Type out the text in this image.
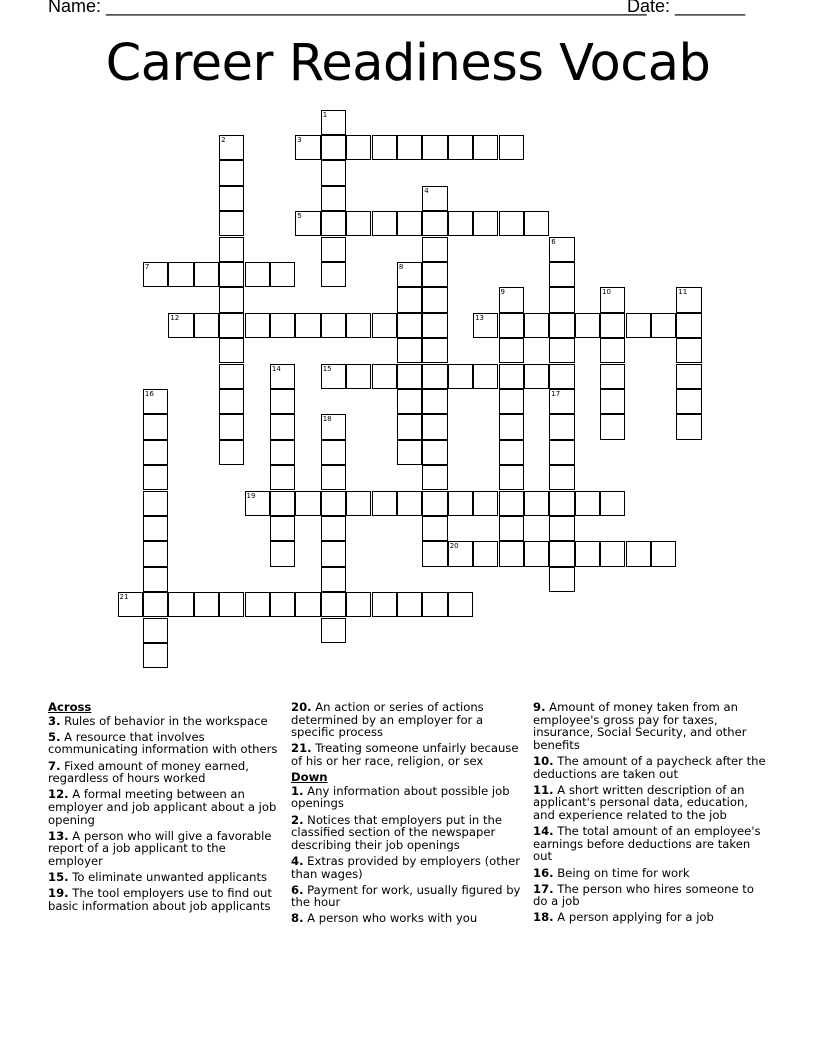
Name: ______________________________________________________
Date: _______
Career Readiness Vocab
1
2	3
4
5
6
17
7	8
9	10	11
12	13
14	15
16
18
19
20
21
Across
3. Rules of behavior in the workspace
5. A resource that involves communicating information with others
7. Fixed amount of money earned, regardless of hours worked
12. A formal meeting between an employer and job applicant about a job opening
13. A person who will give a favorable report of a job applicant to the employer
15. To eliminate unwanted applicants
19. The tool employers use to find out basic information about job applicants
20. An action or series of actions determined by an employer for a specific process
21. Treating someone unfairly because of his or her race, religion, or sex
Down
1. Any information about possible job openings
2. Notices that employers put in the classified section of the newspaper describing their job openings
4. Extras provided by employers (other than wages)
6. Payment for work, usually figured by the hour
8. A person who works with you
9. Amount of money taken from an employee's gross pay for taxes, insurance, Social Security, and other benefits
10. The amount of a paycheck after the deductions are taken out
11. A short written description of an applicant's personal data, education, and experience related to the job
14. The total amount of an employee's earnings before deductions are taken out
16. Being on time for work
17. The person who hires someone to do a job
18. A person applying for a job
